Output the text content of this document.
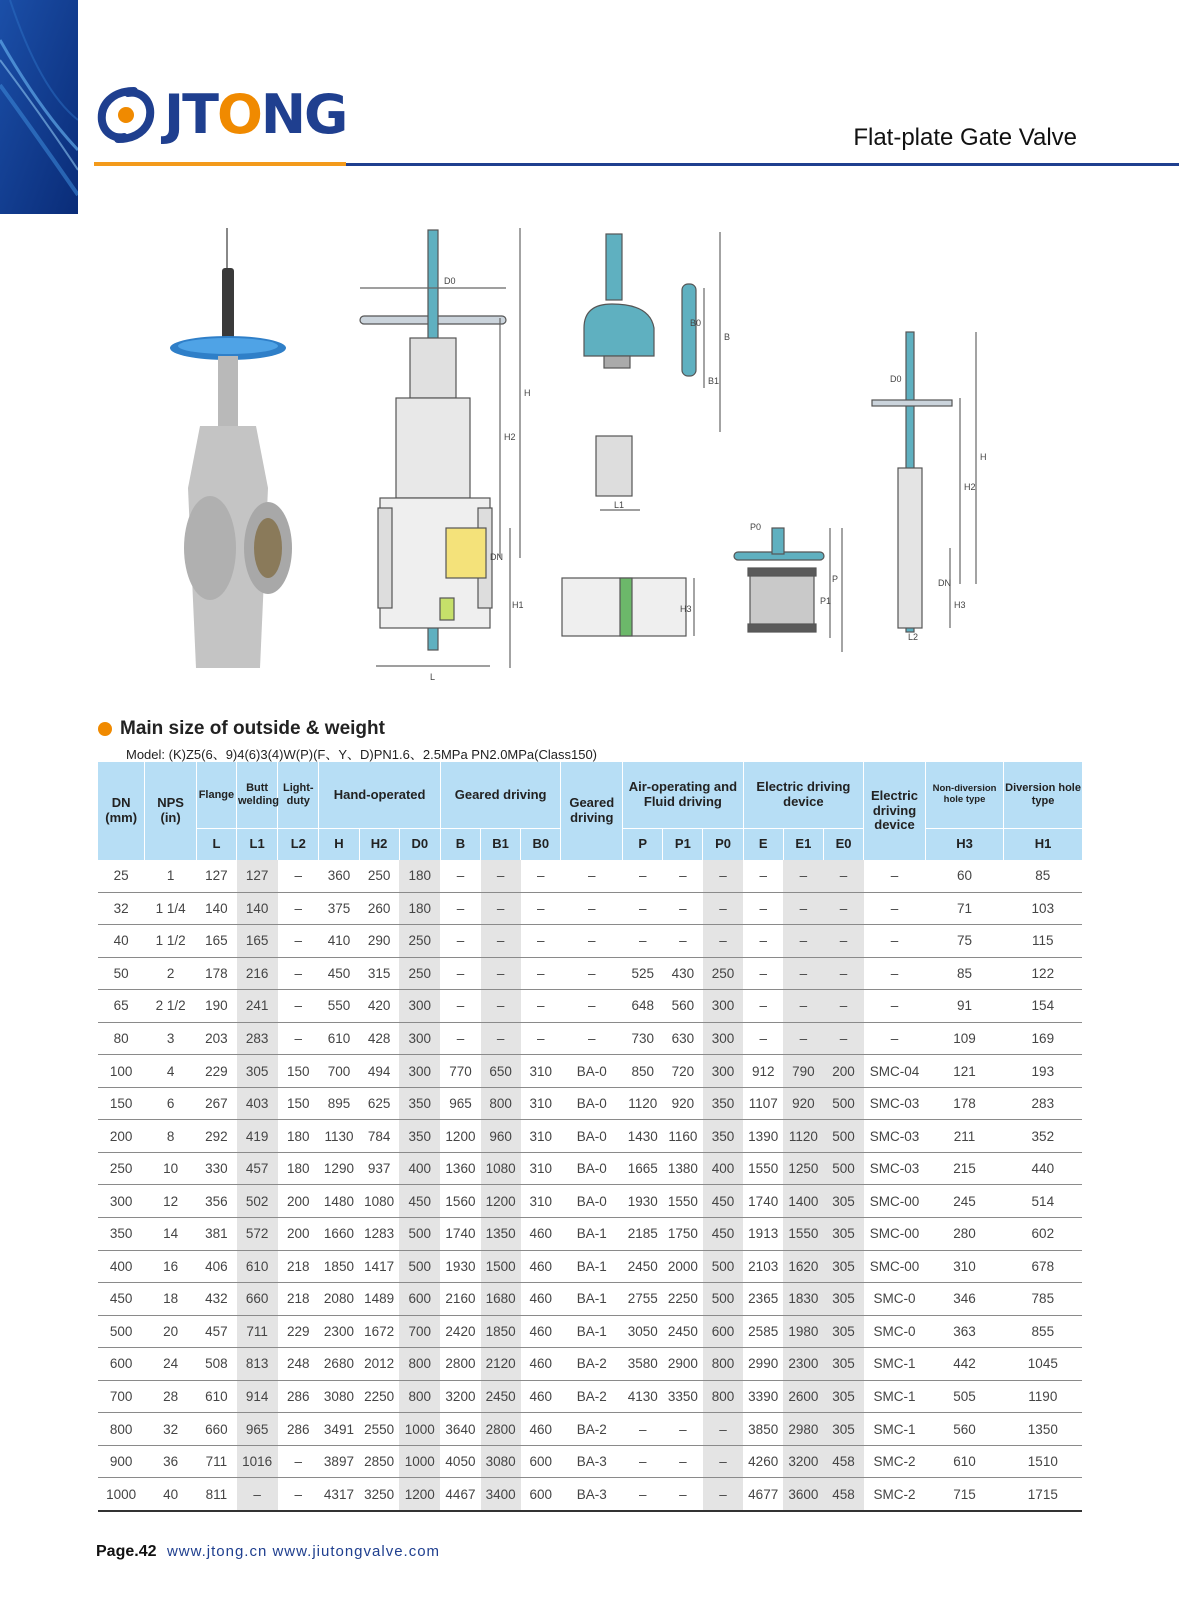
JTONG	Flat-plate Gate Valve
D0
H
H2
DN
H1
L
B0
B1
B
L1
H3
P0
P1
P
D0
H
H2
DN
H3
L2
Main size of outside & weight
Model: (K)Z5(6、9)4(6)3(4)W(P)(F、Y、D)PN1.6、2.5MPa PN2.0MPa(Class150)
DN (mm)	NPS (in)	Flange	Butt welding	Light-duty	Hand-operated			Geared driving			Geared driving	Air-operating and Fluid driving			Electric driving device			Electric driving device	Non-diversion hole type	Diversion hole type
		L	L1	L2	H	H2	D0	B	B1	B0		P	P1	P0	E	E1	E0		H3	H1
25	1	127	127	–	360	250	180	–	–	–	–	–	–	–	–	–	–	–	60	85
32	1 1/4	140	140	–	375	260	180	–	–	–	–	–	–	–	–	–	–	–	71	103
40	1 1/2	165	165	–	410	290	250	–	–	–	–	–	–	–	–	–	–	–	75	115
50	2	178	216	–	450	315	250	–	–	–	–	525	430	250	–	–	–	–	85	122
65	2 1/2	190	241	–	550	420	300	–	–	–	–	648	560	300	–	–	–	–	91	154
80	3	203	283	–	610	428	300	–	–	–	–	730	630	300	–	–	–	–	109	169
100	4	229	305	150	700	494	300	770	650	310	BA-0	850	720	300	912	790	200	SMC-04	121	193
150	6	267	403	150	895	625	350	965	800	310	BA-0	1120	920	350	1107	920	500	SMC-03	178	283
200	8	292	419	180	1130	784	350	1200	960	310	BA-0	1430	1160	350	1390	1120	500	SMC-03	211	352
250	10	330	457	180	1290	937	400	1360	1080	310	BA-0	1665	1380	400	1550	1250	500	SMC-03	215	440
300	12	356	502	200	1480	1080	450	1560	1200	310	BA-0	1930	1550	450	1740	1400	305	SMC-00	245	514
350	14	381	572	200	1660	1283	500	1740	1350	460	BA-1	2185	1750	450	1913	1550	305	SMC-00	280	602
400	16	406	610	218	1850	1417	500	1930	1500	460	BA-1	2450	2000	500	2103	1620	305	SMC-00	310	678
450	18	432	660	218	2080	1489	600	2160	1680	460	BA-1	2755	2250	500	2365	1830	305	SMC-0	346	785
500	20	457	711	229	2300	1672	700	2420	1850	460	BA-1	3050	2450	600	2585	1980	305	SMC-0	363	855
600	24	508	813	248	2680	2012	800	2800	2120	460	BA-2	3580	2900	800	2990	2300	305	SMC-1	442	1045
700	28	610	914	286	3080	2250	800	3200	2450	460	BA-2	4130	3350	800	3390	2600	305	SMC-1	505	1190
800	32	660	965	286	3491	2550	1000	3640	2800	460	BA-2	–	–	–	3850	2980	305	SMC-1	560	1350
900	36	711	1016	–	3897	2850	1000	4050	3080	600	BA-3	–	–	–	4260	3200	458	SMC-2	610	1510
1000	40	811	–	–	4317	3250	1200	4467	3400	600	BA-3	–	–	–	4677	3600	458	SMC-2	715	1715
Page.42 www.jtong.cn www.jiutongvalve.com
